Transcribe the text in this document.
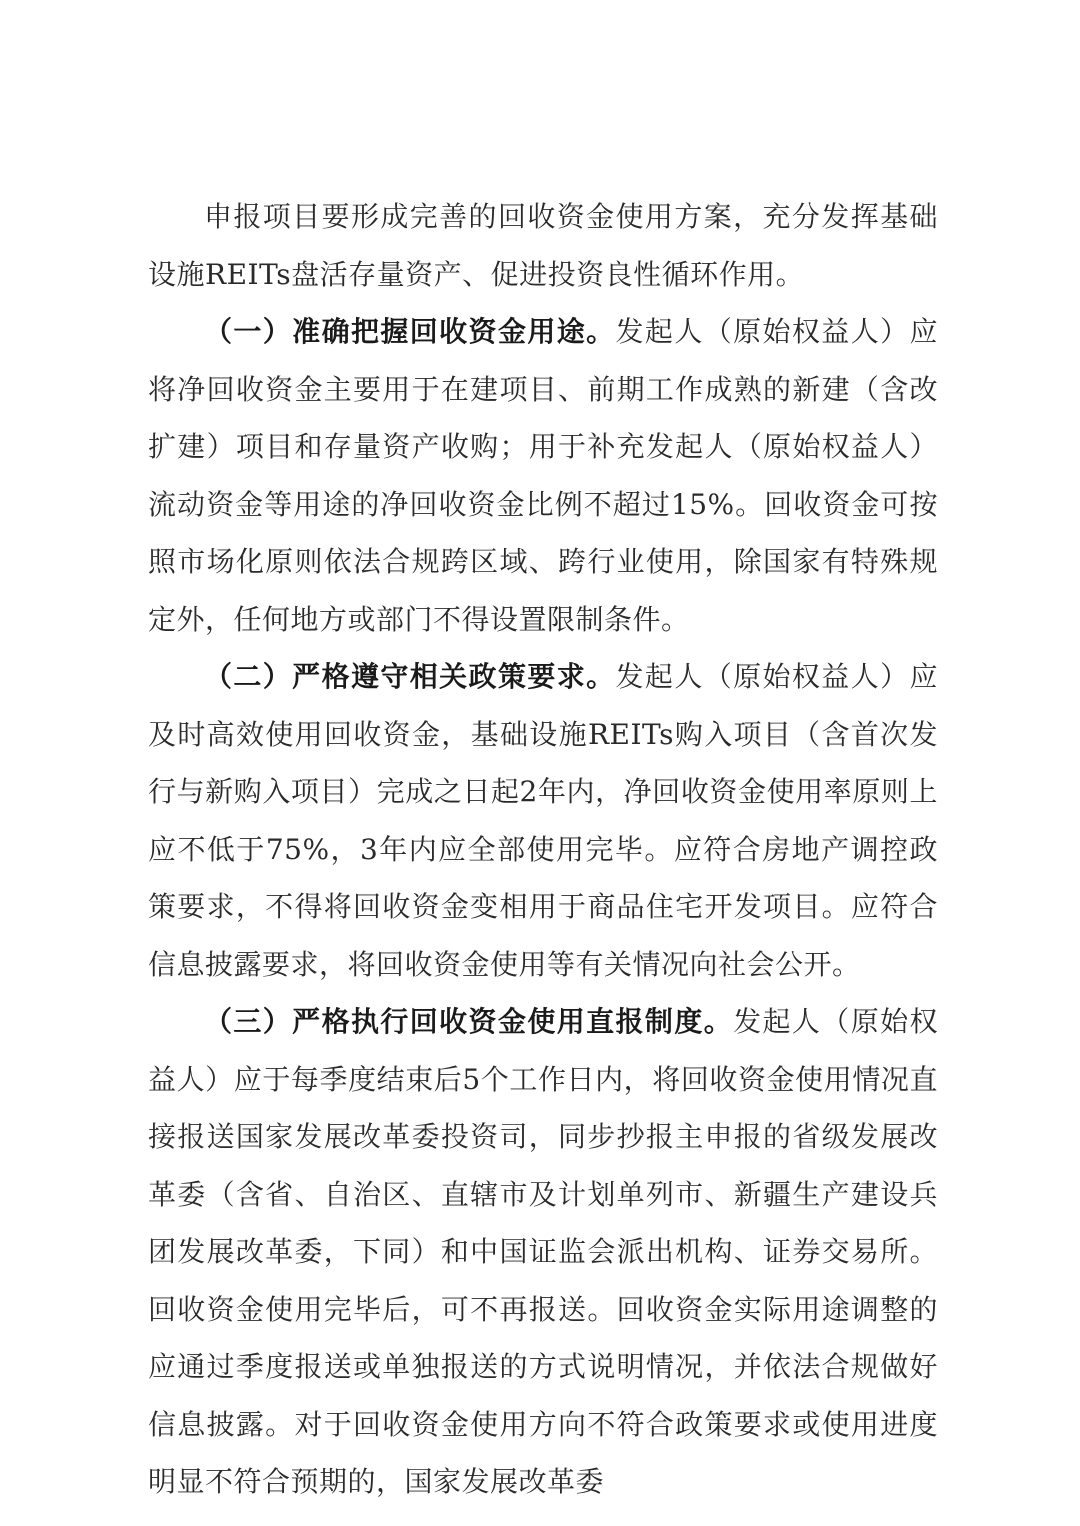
申报项目要形成完善的回收资金使用方案，充分发挥基础设施REITs盘活存量资产、促进投资良性循环作用。

（一）准确把握回收资金用途。发起人（原始权益人）应将净回收资金主要用于在建项目、前期工作成熟的新建（含改扩建）项目和存量资产收购；用于补充发起人（原始权益人）流动资金等用途的净回收资金比例不超过15%。回收资金可按照市场化原则依法合规跨区域、跨行业使用，除国家有特殊规定外，任何地方或部门不得设置限制条件。

（二）严格遵守相关政策要求。发起人（原始权益人）应及时高效使用回收资金，基础设施REITs购入项目（含首次发行与新购入项目）完成之日起2年内，净回收资金使用率原则上应不低于75%，3年内应全部使用完毕。应符合房地产调控政策要求，不得将回收资金变相用于商品住宅开发项目。应符合信息披露要求，将回收资金使用等有关情况向社会公开。

（三）严格执行回收资金使用直报制度。发起人（原始权益人）应于每季度结束后5个工作日内，将回收资金使用情况直接报送国家发展改革委投资司，同步抄报主申报的省级发展改革委（含省、自治区、直辖市及计划单列市、新疆生产建设兵团发展改革委，下同）和中国证监会派出机构、证券交易所。回收资金使用完毕后，可不再报送。回收资金实际用途调整的应通过季度报送或单独报送的方式说明情况，并依法合规做好信息披露。对于回收资金使用方向不符合政策要求或使用进度明显不符合预期的，国家发展改革委
